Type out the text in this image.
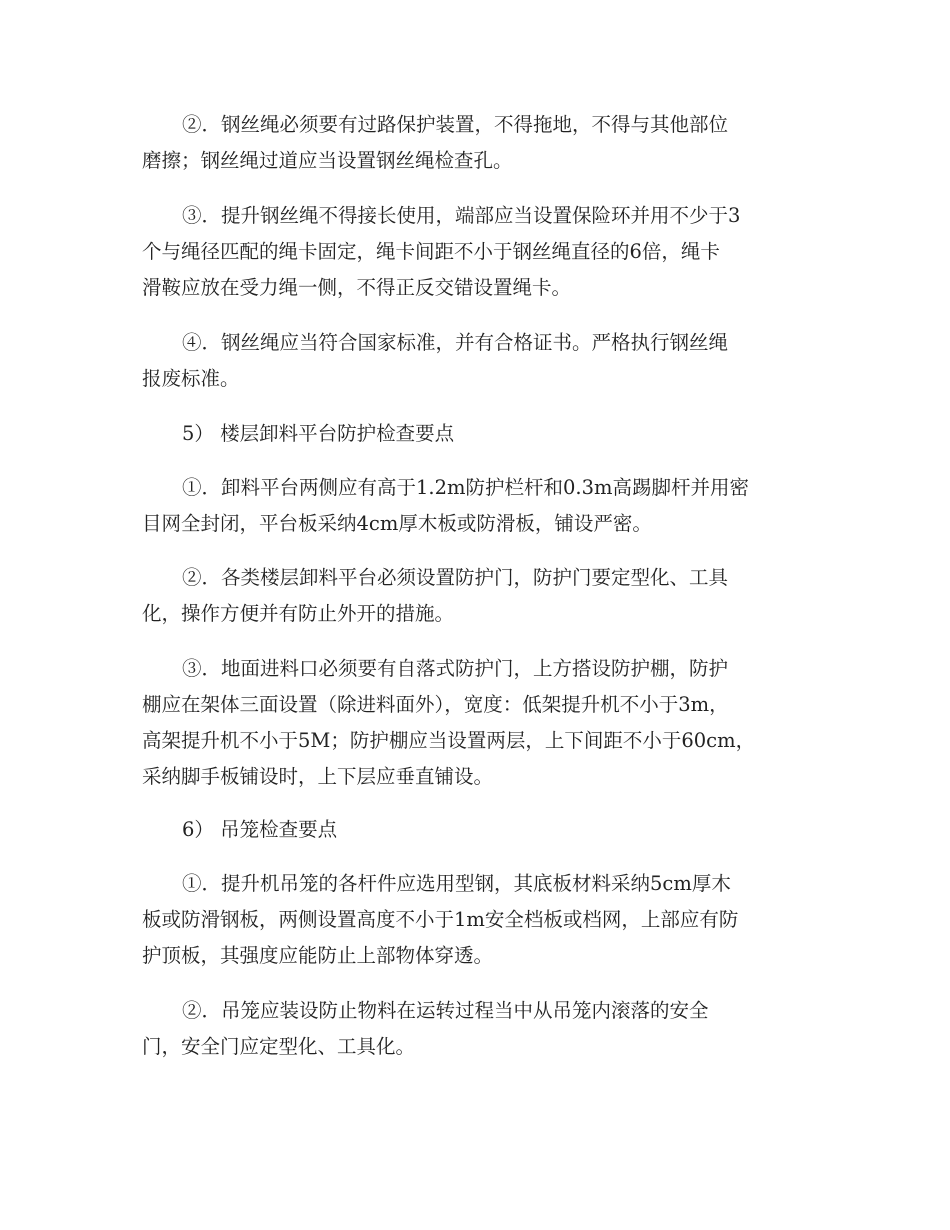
②．钢丝绳必须要有过路保护装置，不得拖地，不得与其他部位
磨擦；钢丝绳过道应当设置钢丝绳检查孔。
③．提升钢丝绳不得接长使用，端部应当设置保险环并用不少于3
个与绳径匹配的绳卡固定，绳卡间距不小于钢丝绳直径的6倍，绳卡
滑鞍应放在受力绳一侧，不得正反交错设置绳卡。
④．钢丝绳应当符合国家标准，并有合格证书。严格执行钢丝绳
报废标准。
5） 楼层卸料平台防护检查要点
①．卸料平台两侧应有高于1.2m防护栏杆和0.3m高踢脚杆并用密
目网全封闭，平台板采纳4cm厚木板或防滑板，铺设严密。
②．各类楼层卸料平台必须设置防护门，防护门要定型化、工具
化，操作方便并有防止外开的措施。
③．地面进料口必须要有自落式防护门，上方搭设防护棚，防护
棚应在架体三面设置（除进料面外），宽度：低架提升机不小于3m，
高架提升机不小于5M；防护棚应当设置两层，上下间距不小于60cm，
采纳脚手板铺设时，上下层应垂直铺设。
6） 吊笼检查要点
①．提升机吊笼的各杆件应选用型钢，其底板材料采纳5cm厚木
板或防滑钢板，两侧设置高度不小于1m安全档板或档网，上部应有防
护顶板，其强度应能防止上部物体穿透。
②．吊笼应装设防止物料在运转过程当中从吊笼内滚落的安全
门，安全门应定型化、工具化。
